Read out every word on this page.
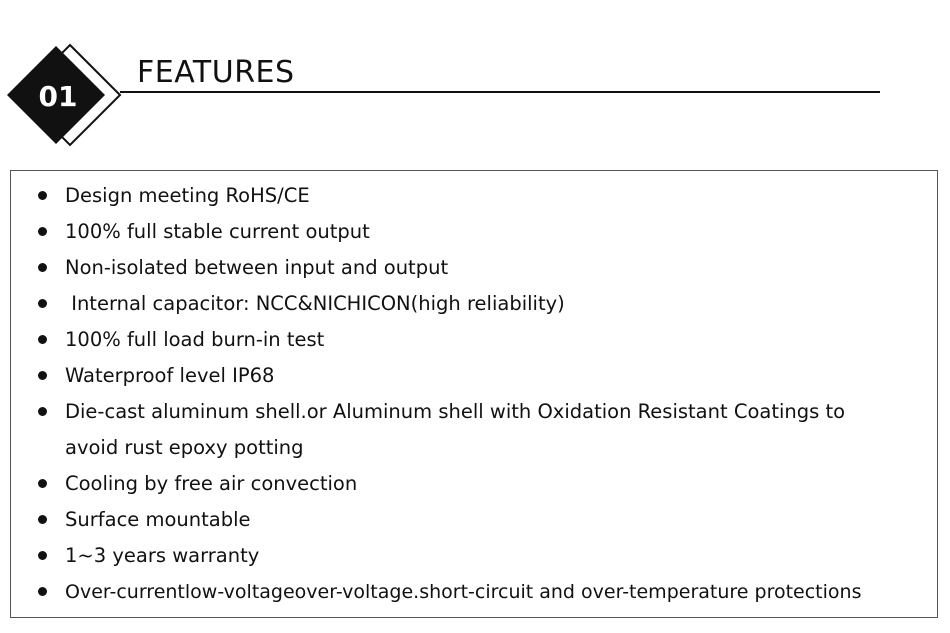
01
FEATURES
Design meeting RoHS/CE
100% full stable current output
Non-isolated between input and output
Internal capacitor: NCC&NICHICON(high reliability)
100% full load burn-in test
Waterproof level IP68
Die-cast aluminum shell.or Aluminum shell with Oxidation Resistant Coatings to avoid rust epoxy potting
Cooling by free air convection
Surface mountable
1~3 years warranty
Over-currentlow-voltageover-voltage.short-circuit and over-temperature protections
